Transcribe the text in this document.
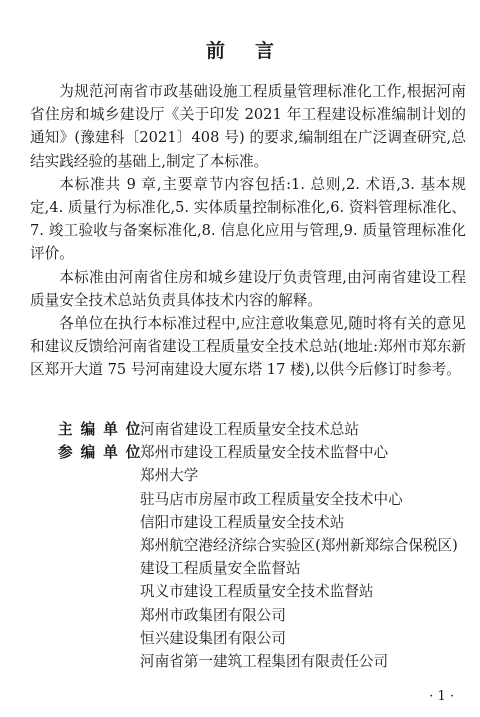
前 言

为规范河南省市政基础设施工程质量管理标准化工作,根据河南省住房和城乡建设厅《关于印发 2021 年工程建设标准编制计划的通知》(豫建科〔2021〕408 号) 的要求,编制组在广泛调查研究,总结实践经验的基础上,制定了本标准。

本标准共 9 章,主要章节内容包括:1. 总则,2. 术语,3. 基本规定,4. 质量行为标准化,5. 实体质量控制标准化,6. 资料管理标准化、7. 竣工验收与备案标准化,8. 信息化应用与管理,9. 质量管理标准化评价。

本标准由河南省住房和城乡建设厅负责管理,由河南省建设工程质量安全技术总站负责具体技术内容的解释。

各单位在执行本标准过程中,应注意收集意见,随时将有关的意见和建议反馈给河南省建设工程质量安全技术总站(地址:郑州市郑东新区郑开大道 75 号河南建设大厦东塔 17 楼),以供今后修订时参考。

主编单位
河南省建设工程质量安全技术总站
参编单位
郑州市建设工程质量安全技术监督中心
郑州大学
驻马店市房屋市政工程质量安全技术中心
信阳市建设工程质量安全技术站
郑州航空港经济综合实验区(郑州新郑综合保税区)建设工程质量安全监督站
巩义市建设工程质量安全技术监督站
郑州市政集团有限公司
恒兴建设集团有限公司
河南省第一建筑工程集团有限责任公司
· 1 ·
